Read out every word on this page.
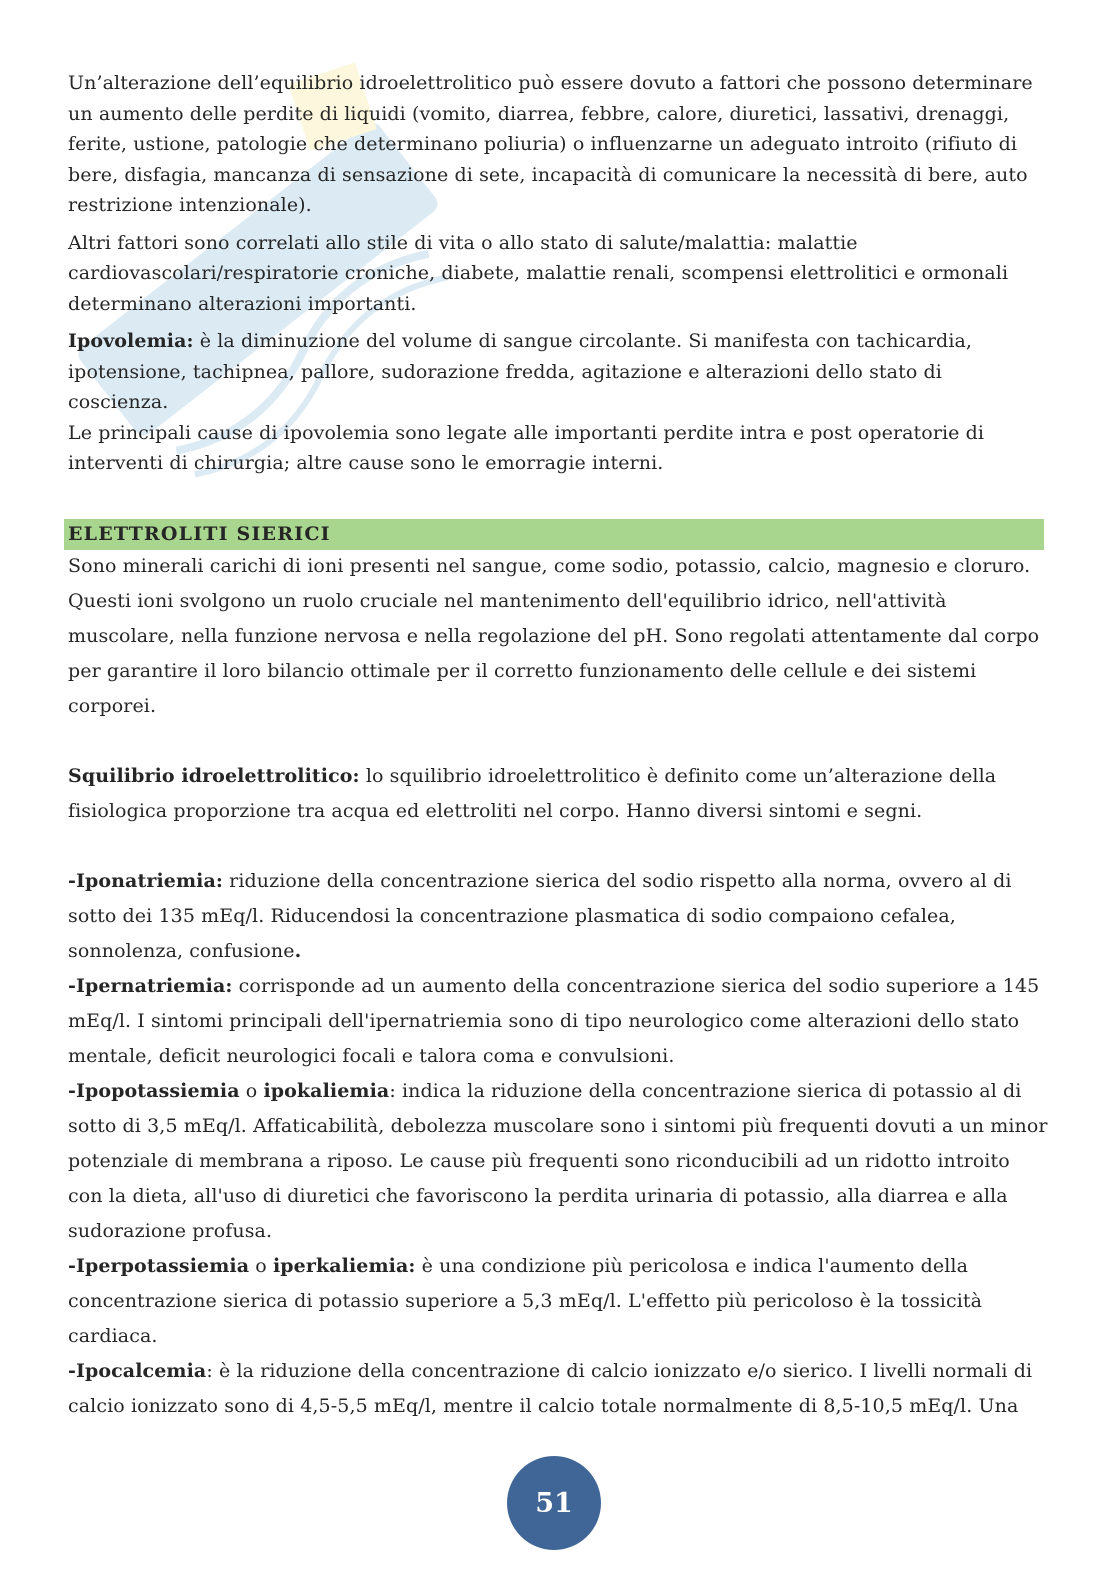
Un’alterazione dell’equilibrio idroelettrolitico può essere dovuto a fattori che possono determinare un aumento delle perdite di liquidi (vomito, diarrea, febbre, calore, diuretici, lassativi, drenaggi, ferite, ustione, patologie che determinano poliuria) o influenzarne un adeguato introito (rifiuto di bere, disfagia, mancanza di sensazione di sete, incapacità di comunicare la necessità di bere, auto restrizione intenzionale).

Altri fattori sono correlati allo stile di vita o allo stato di salute/malattia: malattie cardiovascolari/respiratorie croniche, diabete, malattie renali, scompensi elettrolitici e ormonali determinano alterazioni importanti.

Ipovolemia: è la diminuzione del volume di sangue circolante. Si manifesta con tachicardia, ipotensione, tachipnea, pallore, sudorazione fredda, agitazione e alterazioni dello stato di coscienza.

Le principali cause di ipovolemia sono legate alle importanti perdite intra e post operatorie di interventi di chirurgia; altre cause sono le emorragie interni.

ELETTROLITI SIERICI

Sono minerali carichi di ioni presenti nel sangue, come sodio, potassio, calcio, magnesio e cloruro. Questi ioni svolgono un ruolo cruciale nel mantenimento dell'equilibrio idrico, nell'attività muscolare, nella funzione nervosa e nella regolazione del pH. Sono regolati attentamente dal corpo per garantire il loro bilancio ottimale per il corretto funzionamento delle cellule e dei sistemi corporei.

Squilibrio idroelettrolitico: lo squilibrio idroelettrolitico è definito come un’alterazione della fisiologica proporzione tra acqua ed elettroliti nel corpo. Hanno diversi sintomi e segni.

-Iponatriemia: riduzione della concentrazione sierica del sodio rispetto alla norma, ovvero al di sotto dei 135 mEq/l. Riducendosi la concentrazione plasmatica di sodio compaiono cefalea, sonnolenza, confusione.

-Ipernatriemia: corrisponde ad un aumento della concentrazione sierica del sodio superiore a 145 mEq/l. I sintomi principali dell'ipernatriemia sono di tipo neurologico come alterazioni dello stato mentale, deficit neurologici focali e talora coma e convulsioni.

-Ipopotassiemia o ipokaliemia: indica la riduzione della concentrazione sierica di potassio al di sotto di 3,5 mEq/l. Affaticabilità, debolezza muscolare sono i sintomi più frequenti dovuti a un minor potenziale di membrana a riposo. Le cause più frequenti sono riconducibili ad un ridotto introito con la dieta, all'uso di diuretici che favoriscono la perdita urinaria di potassio, alla diarrea e alla sudorazione profusa.

-Iperpotassiemia o iperkaliemia: è una condizione più pericolosa e indica l'aumento della concentrazione sierica di potassio superiore a 5,3 mEq/l. L'effetto più pericoloso è la tossicità cardiaca.

-Ipocalcemia: è la riduzione della concentrazione di calcio ionizzato e/o sierico. I livelli normali di calcio ionizzato sono di 4,5-5,5 mEq/l, mentre il calcio totale normalmente di 8,5-10,5 mEq/l. Una

51
